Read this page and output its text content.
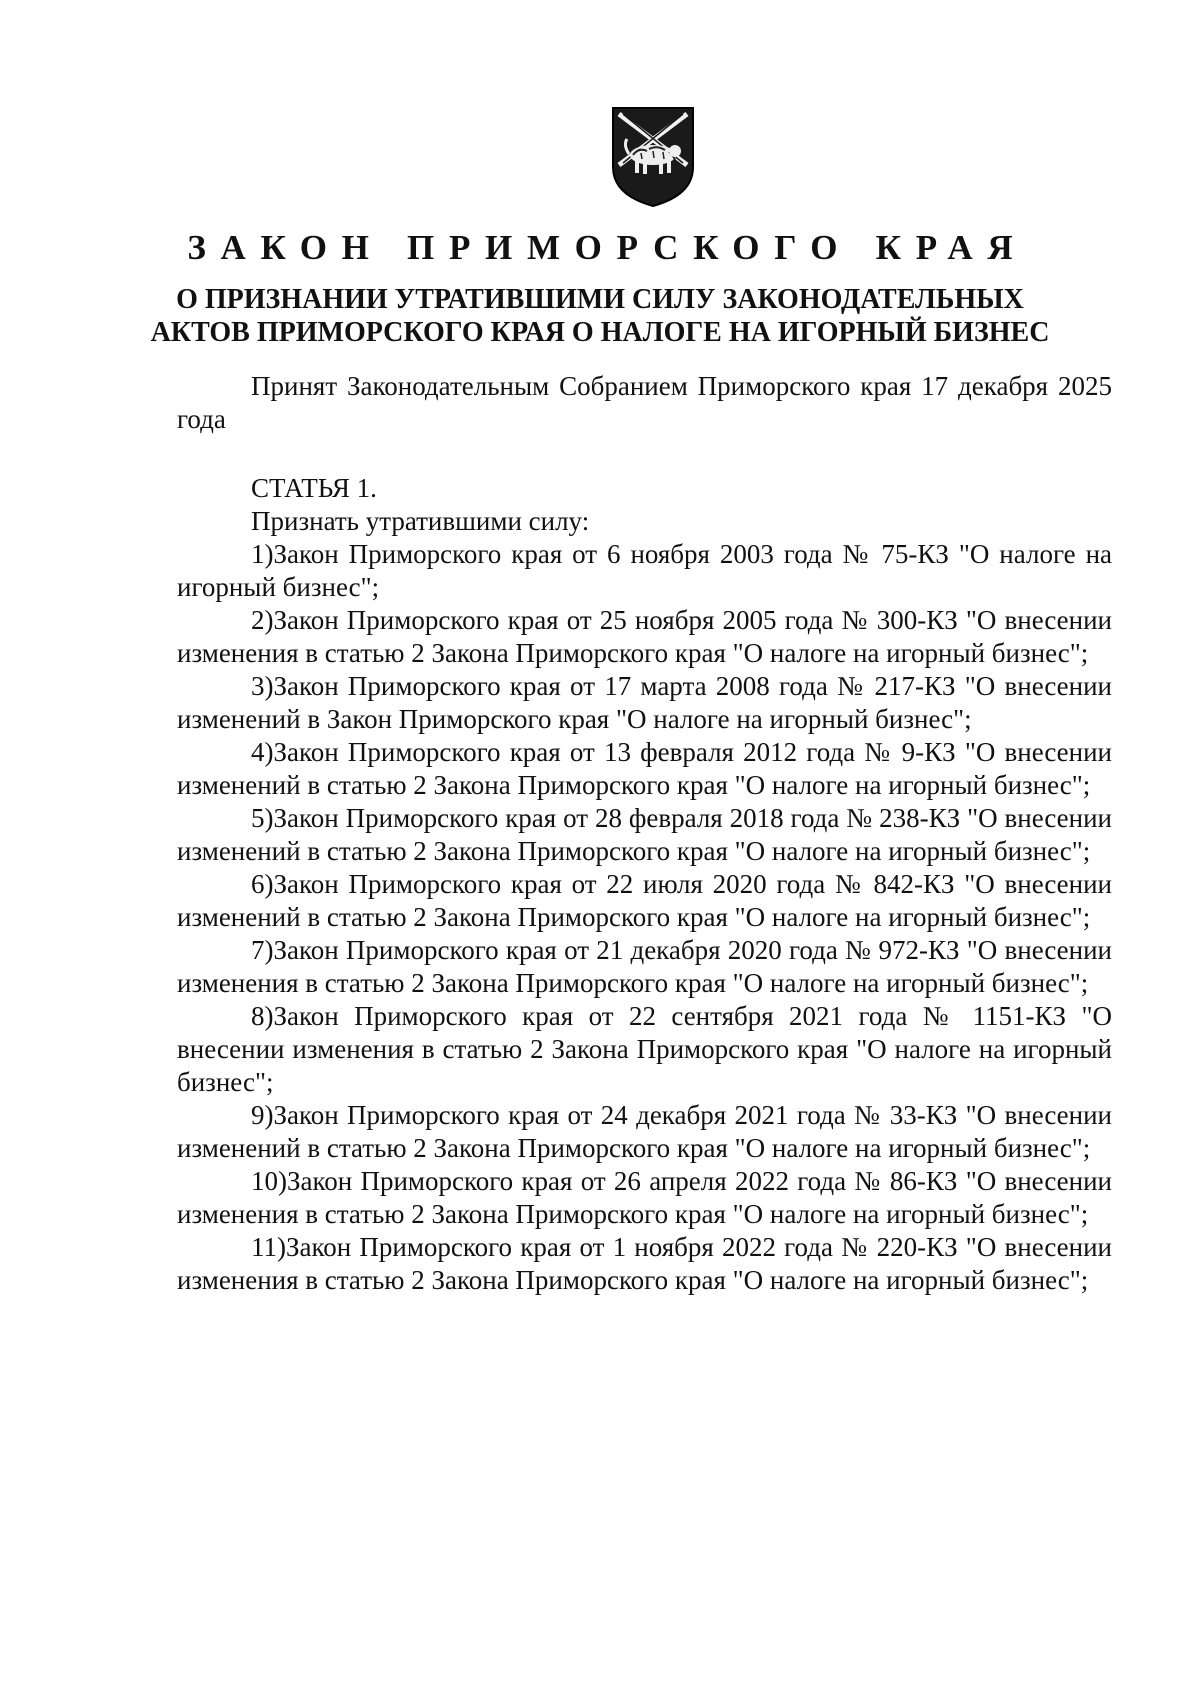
ЗАКОН ПРИМОРСКОГО КРАЯ
О ПРИЗНАНИИ УТРАТИВШИМИ СИЛУ ЗАКОНОДАТЕЛЬНЫХ
АКТОВ ПРИМОРСКОГО КРАЯ О НАЛОГЕ НА ИГОРНЫЙ БИЗНЕС

Принят Законодательным Собранием Приморского края 17 декабря 2025 года

СТАТЬЯ 1.

Признать утратившими силу:

1)Закон Приморского края от 6 ноября 2003 года № 75-КЗ "О налоге на игорный бизнес";

2)Закон Приморского края от 25 ноября 2005 года № 300-КЗ "О внесении изменения в статью 2 Закона Приморского края "О налоге на игорный бизнес";

3)Закон Приморского края от 17 марта 2008 года № 217-КЗ "О внесении изменений в Закон Приморского края "О налоге на игорный бизнес";

4)Закон Приморского края от 13 февраля 2012 года № 9-КЗ "О внесении изменений в статью 2 Закона Приморского края "О налоге на игорный бизнес";

5)Закон Приморского края от 28 февраля 2018 года № 238-КЗ "О внесении изменений в статью 2 Закона Приморского края "О налоге на игорный бизнес";

6)Закон Приморского края от 22 июля 2020 года № 842-КЗ "О внесении изменений в статью 2 Закона Приморского края "О налоге на игорный бизнес";

7)Закон Приморского края от 21 декабря 2020 года № 972-КЗ "О внесении изменения в статью 2 Закона Приморского края "О налоге на игорный бизнес";

8)Закон Приморского края от 22 сентября 2021 года № 1151-КЗ "О внесении изменения в статью 2 Закона Приморского края "О налоге на игорный бизнес";

9)Закон Приморского края от 24 декабря 2021 года № 33-КЗ "О внесении изменений в статью 2 Закона Приморского края "О налоге на игорный бизнес";

10)Закон Приморского края от 26 апреля 2022 года № 86-КЗ "О внесении изменения в статью 2 Закона Приморского края "О налоге на игорный бизнес";

11)Закон Приморского края от 1 ноября 2022 года № 220-КЗ "О внесении изменения в статью 2 Закона Приморского края "О налоге на игорный бизнес";
